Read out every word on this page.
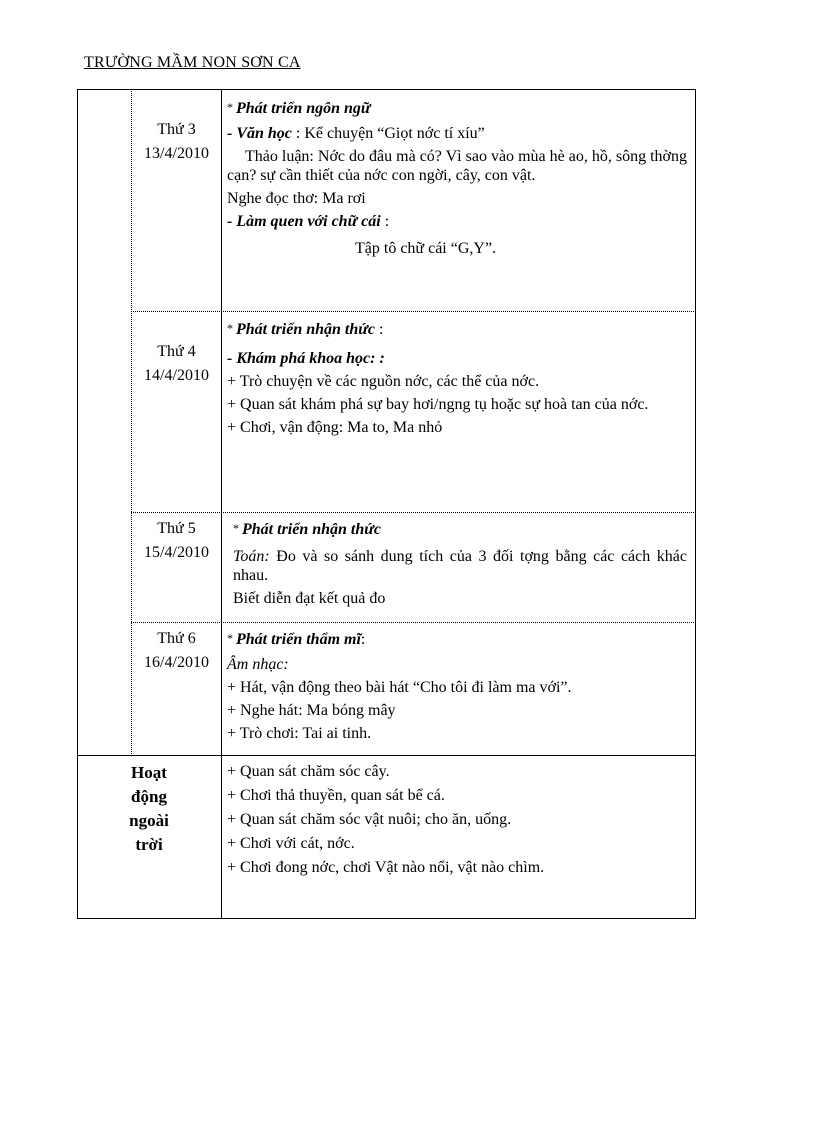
TRƯỜNG MẦM NON SƠN CA
Thứ 3
13/4/2010

* Phát triển ngôn ngữ

- Văn học : Kể chuyện “Giọt nớc tí xíu”

Thảo luận: Nớc do đâu mà có? Vì sao vào mùa hè ao, hồ, sông thờng cạn? sự cần thiết của nớc con ngời, cây, con vật.

Nghe đọc thơ: Ma rơi

- Làm quen với chữ cái :

Tập tô chữ cái “G,Y”.

Thứ 4
14/4/2010

* Phát triển nhận thức :

- Khám phá khoa học: :

+ Trò chuyện về các nguồn nớc, các thể của nớc.

+ Quan sát khám phá sự bay hơi/ngng tụ hoặc sự hoà tan của nớc.

+ Chơi, vận động: Ma to, Ma nhỏ

Thứ 5
15/4/2010

* Phát triển nhận thức

Toán: Đo và so sánh dung tích của 3 đối tợng bằng các cách khác nhau.

Biết diễn đạt kết quả đo

Thứ 6
16/4/2010

* Phát triển thẩm mĩ:

Âm nhạc:

+ Hát, vận động theo bài hát “Cho tôi đi làm ma với”.

+ Nghe hát: Ma bóng mây

+ Trò chơi: Tai ai tinh.

Hoạt
động
ngoài
trời

+ Quan sát chăm sóc cây.

+ Chơi thả thuyền, quan sát bể cá.

+ Quan sát chăm sóc vật nuôi; cho ăn, uống.

+ Chơi với cát, nớc.

+ Chơi đong nớc, chơi Vật nào nổi, vật nào chìm.
